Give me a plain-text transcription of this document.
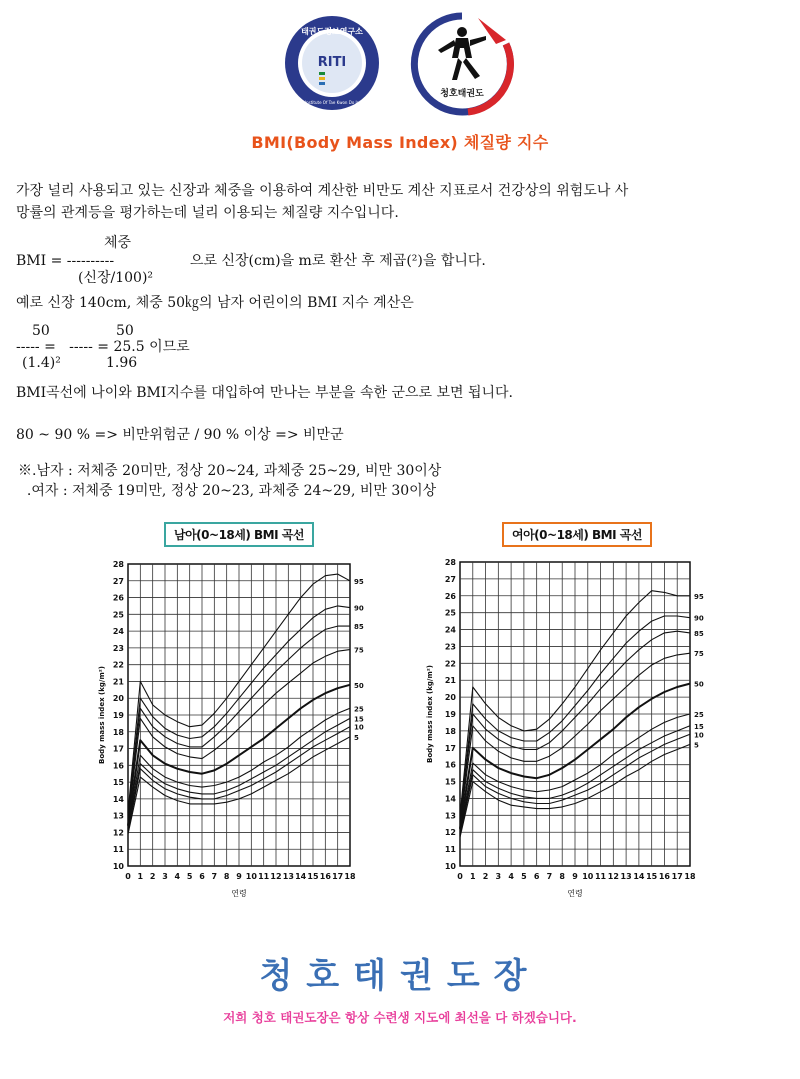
태권도정보연구소
RITI
Research Institute Of Tae Kwon Do Information
청호태권도
BMI(Body Mass Index) 체질량 지수
가장 널리 사용되고 있는 신장과 체중을 이용하여 계산한 비만도 계산 지표로서 건강상의 위험도나 사
망률의 관계등을 평가하는데 널리 이용되는 체질량 지수입니다.
체중
BMI = ----------	으로 신장(cm)을 m로 환산 후 제곱(²)을 합니다.
(신장/100)²
예로 신장 140cm, 체중 50㎏의 남자 어린이의 BMI 지수 계산은
50	50
----- =   ----- = 25.5 이므로
(1.4)²	1.96
BMI곡선에 나이와 BMI지수를 대입하여 만나는 부분을 속한 군으로 보면 됩니다.
80 ~ 90 % => 비만위험군 / 90 % 이상 => 비만군
※.남자 : 저체중 20미만, 정상 20~24, 과체중 25~29, 비만 30이상
.여자 : 저체중 19미만, 정상 20~23, 과체중 24~29, 비만 30이상
남아(0~18세) BMI 곡선
0 1 2 3 4 5 6 7 8 9 10 11 12 13 14 15 16 17 18
10
11
12
13
14
15
16
17
18
19
20
21
22
23
24
25
26
27
28
연령
Body mass index (kg/m²)
95
90
85
75
50
25
15
10
5
여아(0~18세) BMI 곡선
0 1 2 3 4 5 6 7 8 9 10 11 12 13 14 15 16 17 18
10
11
12
13
14
15
16
17
18
19
20
21
22
23
24
25
26
27
28
연령
Body mass index (kg/m²)
95
90
85
75
50
25
15
10
5
청호태권도장
저희 청호 태권도장은 항상 수련생 지도에 최선을 다 하겠습니다.
